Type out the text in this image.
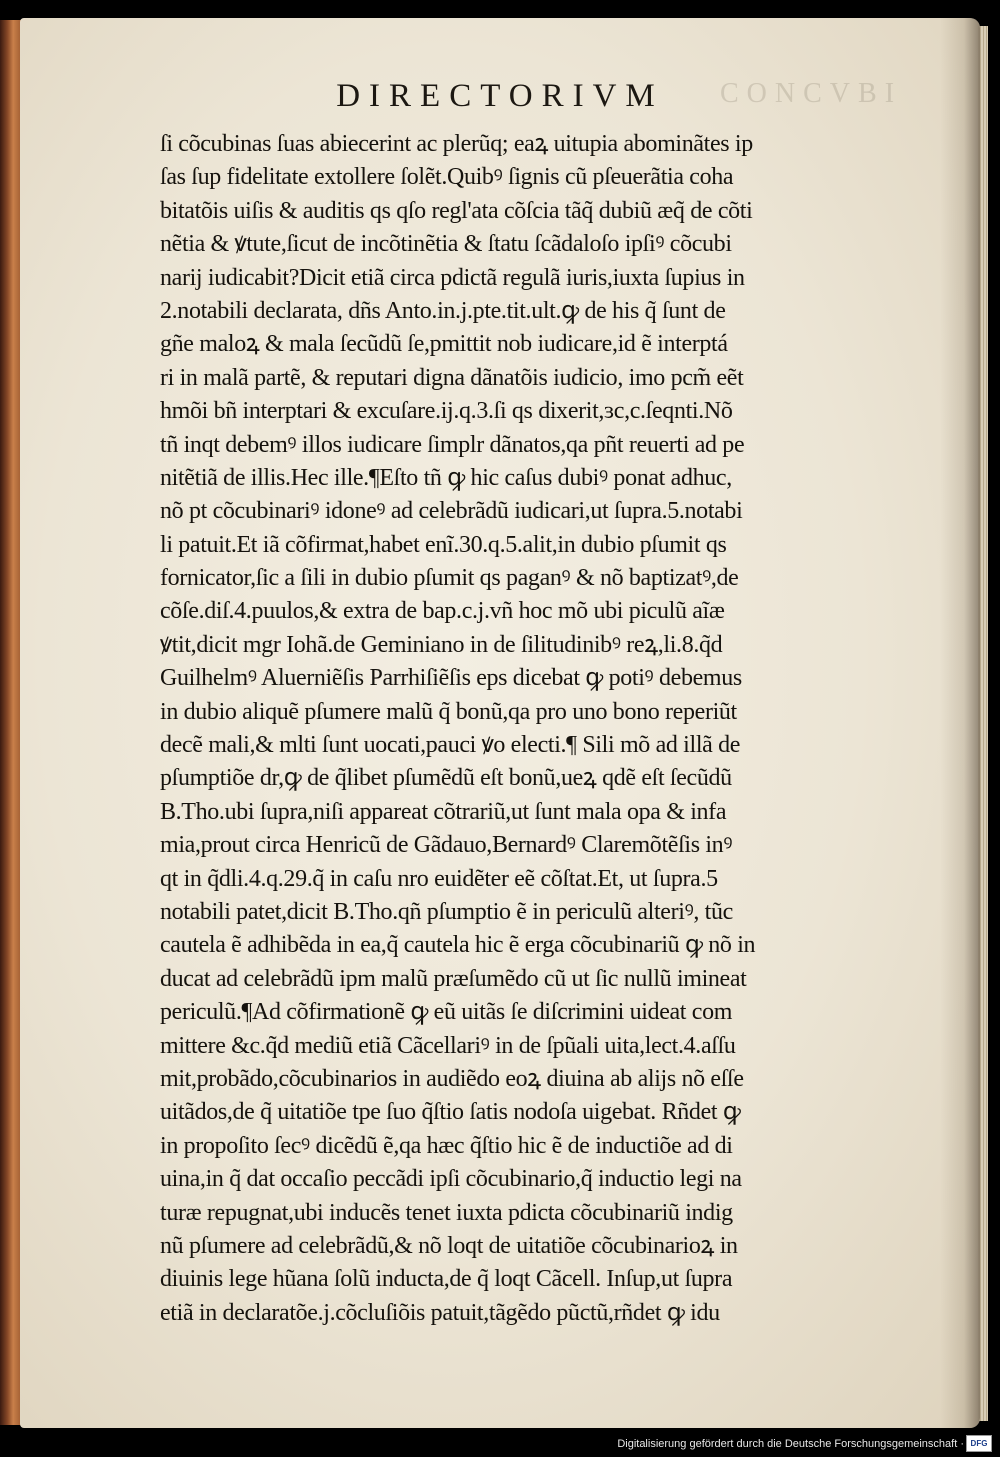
CONCVBI
DIRECTORIVM
ſi cõcubinas ſuas abiecerint ac plerũq; eaꝝ uitupia abominãtes ip
ſas ſup fidelitate extollere ſolẽt.Quibꝰ ſignis cũ pſeuerãtia coha
bitatõis uiſis & auditis qs qſo regl'ata cõſcia tãq̃ dubiũ æq̃ de cõti
nẽtia & ꝟtute,ſicut de incõtinẽtia & ſtatu ſcãdaloſo ipſiꝰ cõcubi
narij iudicabit?Dicit etiã circa pdictã regulã iuris,iuxta ſupius in
2.notabili declarata, dñs Anto.in.j.pte.tit.ult.ꝙ de his q̃ ſunt de
gñe maloꝝ & mala ſecũdũ ſe,pmittit nob iudicare,id ẽ interptá
ri in malã partẽ, & reputari digna dãnatõis iudicio, imo pcm̃ eẽt
hmõi bñ interptari & excuſare.ij.q.3.ſi qs dixerit,ɜc,c.ſeqnti.Nõ
tñ inqt debemꝰ illos iudicare ſimplr dãnatos,qa pñt reuerti ad pe
nitẽtiã de illis.Hec ille.¶Eſto tñ ꝙ hic caſus dubiꝰ ponat adhuc,
nõ pt cõcubinariꝰ idoneꝰ ad celebrãdũ iudicari,ut ſupra.5.notabi
li patuit.Et iã cõfirmat,habet enĩ.30.q.5.alit,in dubio pſumit qs
fornicator,ſic a ſili in dubio pſumit qs paganꝰ & nõ baptizatꝰ,de
cõſe.diſ.4.puulos,& extra de bap.c.j.vñ hoc mõ ubi piculũ aĩæ
ꝟtit,dicit mgr Iohã.de Geminiano in de ſilitudinibꝰ reꝝ,li.8.q̃d
Guilhelmꝰ Aluerniẽſis Parrhiſiẽſis eps dicebat ꝙ potiꝰ debemus
in dubio aliquẽ pſumere malũ q̃ bonũ,qa pro uno bono reperiũt
decẽ mali,& mlti ſunt uocati,pauci ꝟo electi.¶ Sili mõ ad illã de
pſumptiõe dr,ꝙ de q̃libet pſumẽdũ eſt bonũ,ueꝝ qdẽ eſt ſecũdũ
B.Tho.ubi ſupra,niſi appareat cõtrariũ,ut ſunt mala opa & infa
mia,prout circa Henricũ de Gãdauo,Bernardꝰ Claremõtẽſis inꝰ
qt in q̃dli.4.q.29.q̃ in caſu nro euidẽter eẽ cõſtat.Et, ut ſupra.5
notabili patet,dicit B.Tho.qñ pſumptio ẽ in periculũ alteriꝰ, tũc
cautela ẽ adhibẽda in ea,q̃ cautela hic ẽ erga cõcubinariũ ꝙ nõ in
ducat ad celebrãdũ ipm malũ præſumẽdo cũ ut ſic nullũ imineat
periculũ.¶Ad cõfirmationẽ ꝙ eũ uitãs ſe diſcrimini uideat com
mittere &c.q̃d mediũ etiã Cãcellariꝰ in de ſpũali uita,lect.4.aſſu
mit,probãdo,cõcubinarios in audiẽdo eoꝝ diuina ab alijs nõ eſſe
uitãdos,de q̃ uitatiõe tpe ſuo q̃ſtio ſatis nodoſa uigebat. Rñdet ꝙ
in propoſito ſecꝰ dicẽdũ ẽ,qa hæc q̃ſtio hic ẽ de inductiõe ad di
uina,in q̃ dat occaſio peccãdi ipſi cõcubinario,q̃ inductio legi na
turæ repugnat,ubi inducẽs tenet iuxta pdicta cõcubinariũ indig
nũ pſumere ad celebrãdũ,& nõ loqt de uitatiõe cõcubinarioꝝ in
diuinis lege hũana ſolũ inducta,de q̃ loqt Cãcell. Inſup,ut ſupra
etiã in declaratõe.j.cõcluſiõis patuit,tãgẽdo pũctũ,rñdet ꝙ idu
Digitalisierung gefördert durch die Deutsche Forschungsgemeinschaft · DFG
